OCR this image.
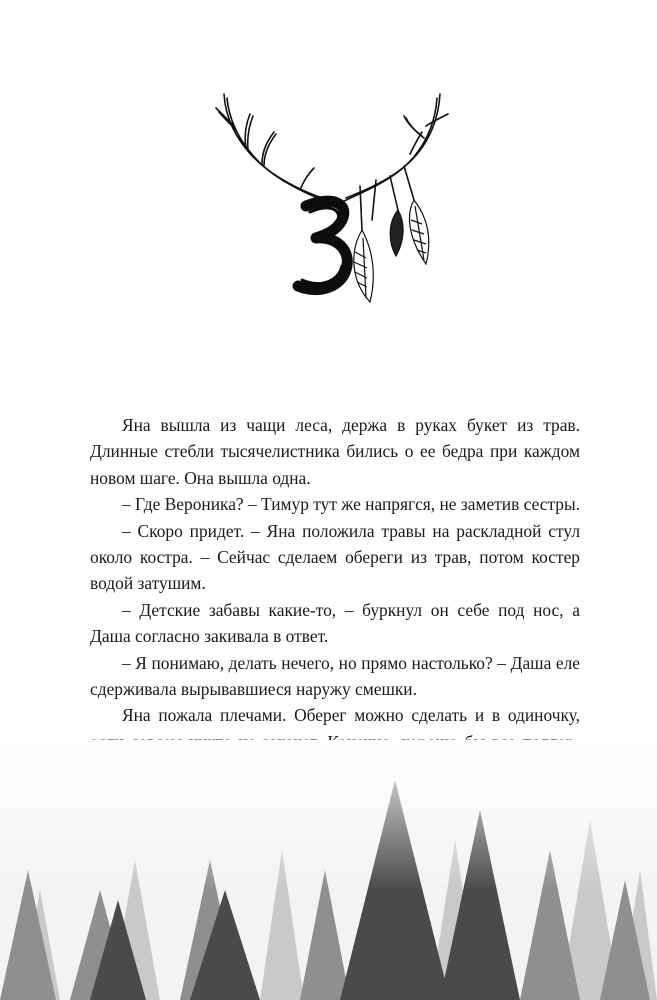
Яна вышла из чащи леса, держа в руках букет из трав. Длинные стебли тысячелистника бились о ее бедра при каждом новом шаге. Она вышла одна.

– Где Вероника? – Тимур тут же напрягся, не заметив сестры.

– Скоро придет. – Яна положила травы на раскладной стул около костра. – Сейчас сделаем обереги из трав, потом костер водой затушим.

– Детские забавы какие-то, – буркнул он себе под нос, а Даша согласно закивала в ответ.

– Я понимаю, делать нечего, но прямо настолько? – Даша еле сдерживала вырывавшиеся наружу смешки.

Яна пожала плечами. Оберег можно сделать и в одиночку,
